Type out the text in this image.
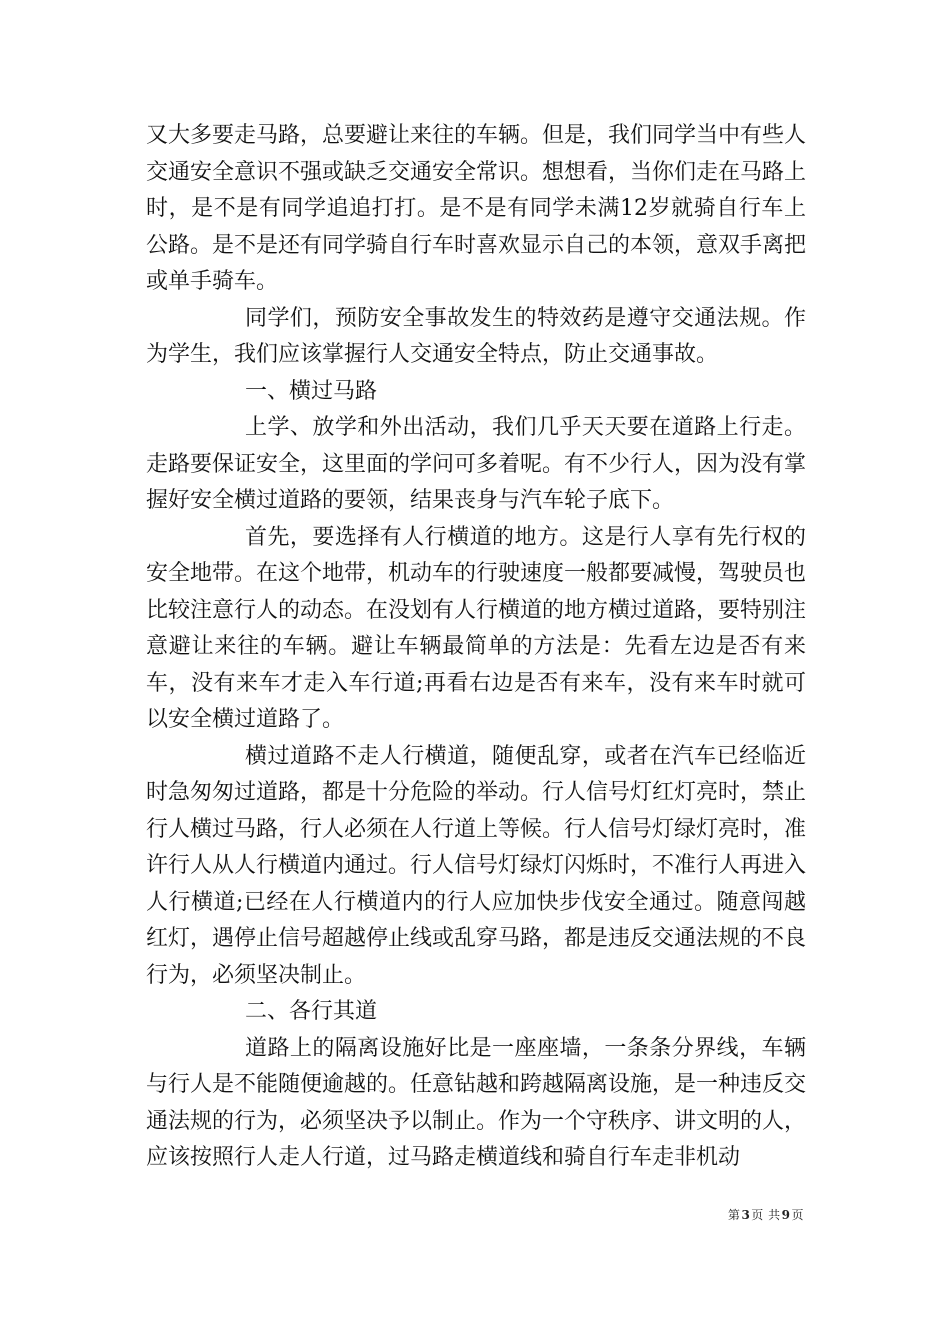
又大多要走马路，总要避让来往的车辆。但是，我们同学当中有些人交通安全意识不强或缺乏交通安全常识。想想看，当你们走在马路上时，是不是有同学追追打打。是不是有同学未满12岁就骑自行车上公路。是不是还有同学骑自行车时喜欢显示自己的本领，意双手离把或单手骑车。

同学们，预防安全事故发生的特效药是遵守交通法规。作为学生，我们应该掌握行人交通安全特点，防止交通事故。

一、横过马路

上学、放学和外出活动，我们几乎天天要在道路上行走。走路要保证安全，这里面的学问可多着呢。有不少行人，因为没有掌握好安全横过道路的要领，结果丧身与汽车轮子底下。

首先，要选择有人行横道的地方。这是行人享有先行权的安全地带。在这个地带，机动车的行驶速度一般都要减慢，驾驶员也比较注意行人的动态。在没划有人行横道的地方横过道路，要特别注意避让来往的车辆。避让车辆最简单的方法是：先看左边是否有来车，没有来车才走入车行道;再看右边是否有来车，没有来车时就可以安全横过道路了。

横过道路不走人行横道，随便乱穿，或者在汽车已经临近时急匆匆过道路，都是十分危险的举动。行人信号灯红灯亮时，禁止行人横过马路，行人必须在人行道上等候。行人信号灯绿灯亮时，准许行人从人行横道内通过。行人信号灯绿灯闪烁时，不准行人再进入人行横道;已经在人行横道内的行人应加快步伐安全通过。随意闯越红灯，遇停止信号超越停止线或乱穿马路，都是违反交通法规的不良行为，必须坚决制止。

二、各行其道

道路上的隔离设施好比是一座座墙，一条条分界线，车辆与行人是不能随便逾越的。任意钻越和跨越隔离设施，是一种违反交通法规的行为，必须坚决予以制止。作为一个守秩序、讲文明的人，应该按照行人走人行道，过马路走横道线和骑自行车走非机动

第3页 共9页
